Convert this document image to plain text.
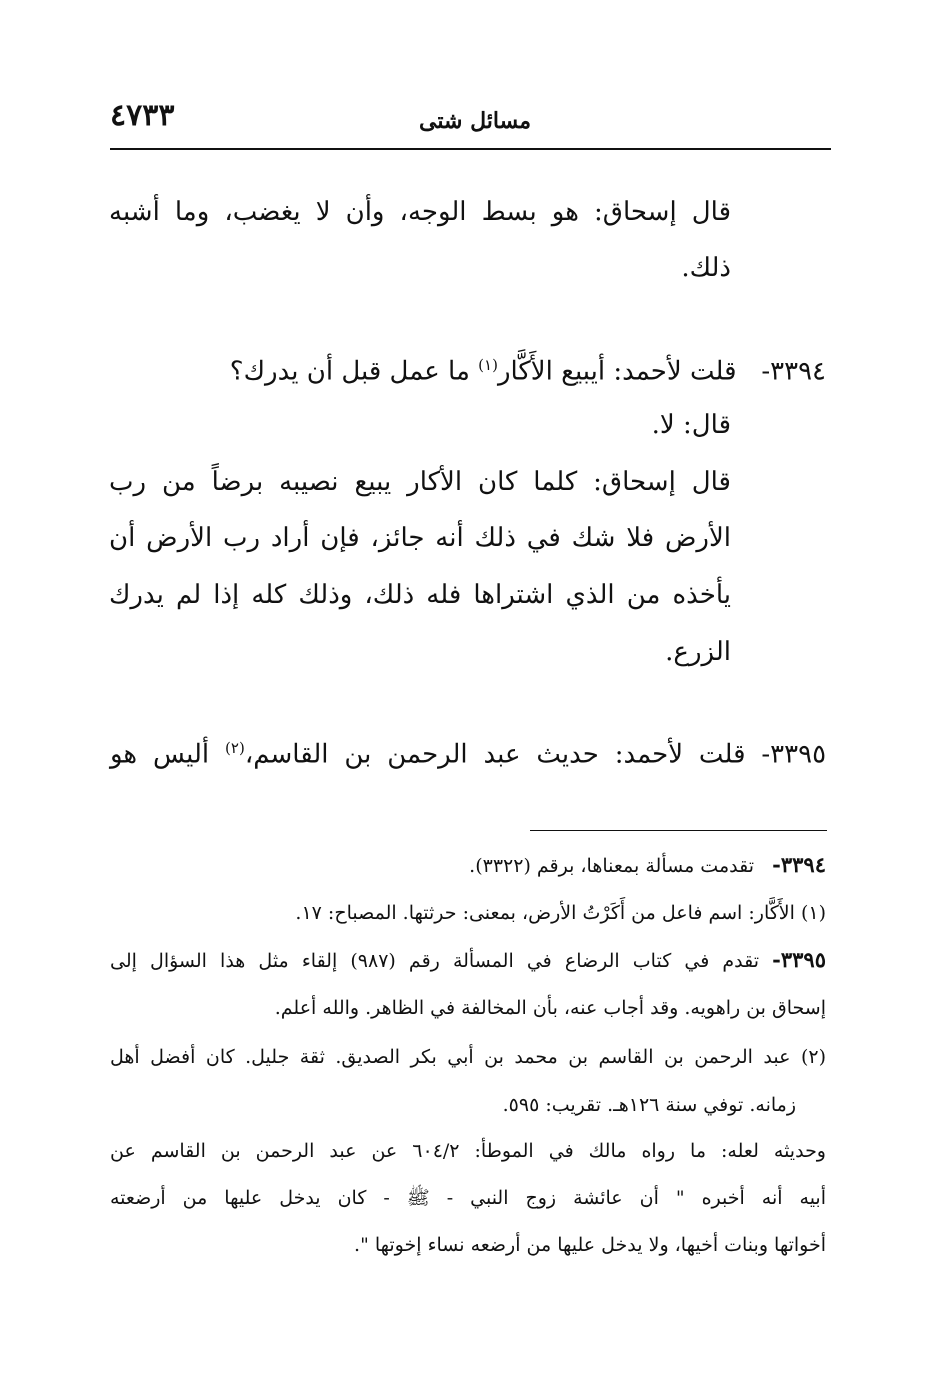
مسائل شتى
٤٧٣٣
قال إسحاق: هو بسط الوجه، وأن لا يغضب، وما أشبه
ذلك.
٣٣٩٤-   قلت لأحمد: أيبيع الأَكَّار$^{(١)}$ ما عمل قبل أن يدرك؟
قال: لا.
قال إسحاق: كلما كان الأكار يبيع نصيبه برضاً من رب
الأرض فلا شك في ذلك أنه جائز، فإن أراد رب الأرض أن
يأخذه من الذي اشتراها فله ذلك، وذلك كله إذا لم يدرك
الزرع.
٣٣٩٥- قلت لأحمد: حديث عبد الرحمن بن القاسم،$^{(٢)}$ أليس هو
٣٣٩٤-   تقدمت مسألة بمعناها، برقم (٣٣٢٢).
(١) الأَكَّار: اسم فاعل من أَكَرْتُ الأرض، بمعنى: حرثتها. المصباح: ١٧.
٣٣٩٥- تقدم في كتاب الرضاع في المسألة رقم (٩٨٧) إلقاء مثل هذا السؤال إلى
إسحاق بن راهويه. وقد أجاب عنه، بأن المخالفة في الظاهر. والله أعلم.
(٢) عبد الرحمن بن القاسم بن محمد بن أبي بكر الصديق. ثقة جليل. كان أفضل أهل
زمانه. توفي سنة ١٢٦هـ. تقريب: ٥٩٥.
وحديثه لعله: ما رواه مالك في الموطأ: ٦٠٤/٢ عن عبد الرحمن بن القاسم عن
أبيه أنه أخبره " أن عائشة زوج النبي - ﷺ - كان يدخل عليها من أرضعته
أخواتها وبنات أخيها، ولا يدخل عليها من أرضعه نساء إخوتها ".
